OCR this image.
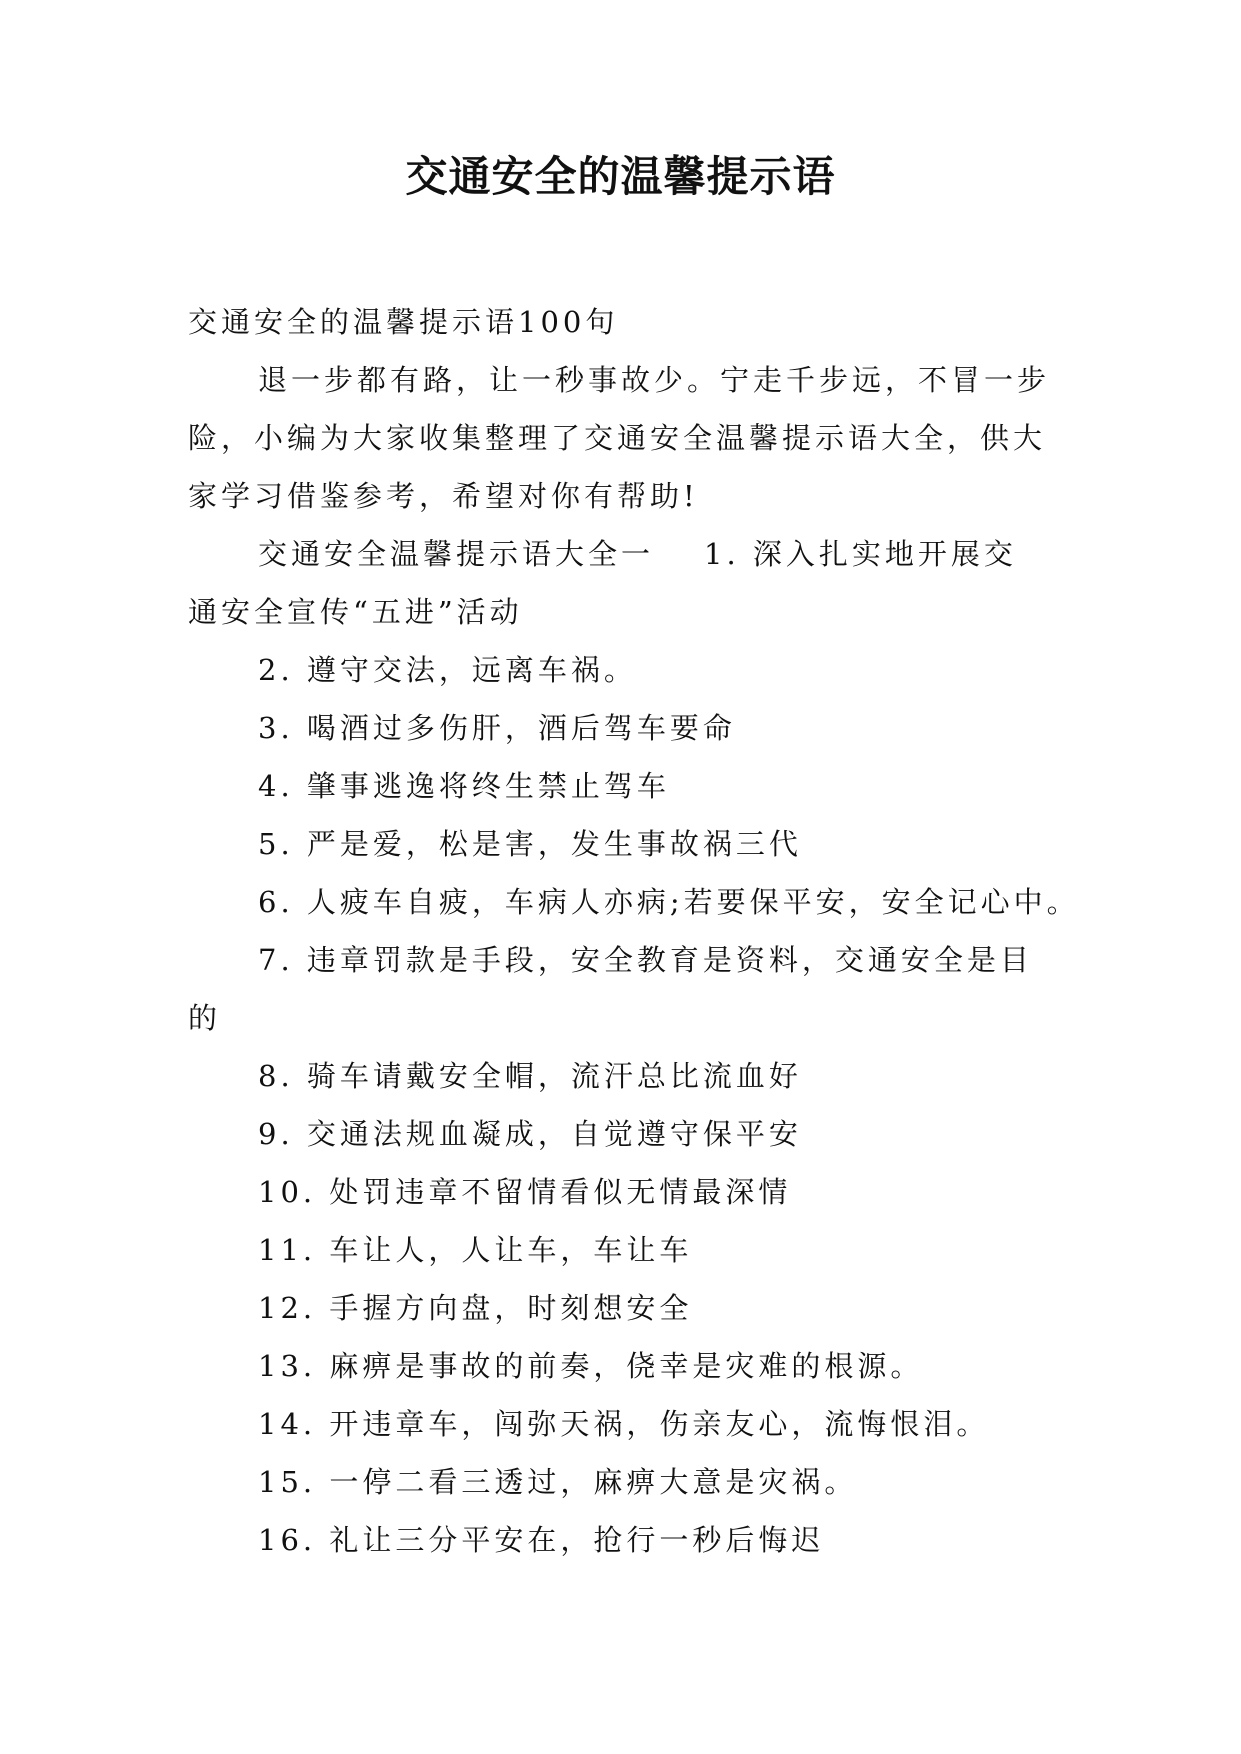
交通安全的温馨提示语
交通安全的温馨提示语100句
退一步都有路，让一秒事故少。宁走千步远，不冒一步
险，小编为大家收集整理了交通安全温馨提示语大全，供大
家学习借鉴参考，希望对你有帮助!
交通安全温馨提示语大全一 1. 深入扎实地开展交
通安全宣传“五进”活动
2. 遵守交法，远离车祸。
3. 喝酒过多伤肝，酒后驾车要命
4. 肇事逃逸将终生禁止驾车
5. 严是爱，松是害，发生事故祸三代
6. 人疲车自疲，车病人亦病;若要保平安，安全记心中。
7. 违章罚款是手段，安全教育是资料，交通安全是目
的
8. 骑车请戴安全帽，流汗总比流血好
9. 交通法规血凝成，自觉遵守保平安
10. 处罚违章不留情看似无情最深情
11. 车让人，人让车，车让车
12. 手握方向盘，时刻想安全
13. 麻痹是事故的前奏，侥幸是灾难的根源。
14. 开违章车，闯弥天祸，伤亲友心，流悔恨泪。
15. 一停二看三透过，麻痹大意是灾祸。
16. 礼让三分平安在，抢行一秒后悔迟
